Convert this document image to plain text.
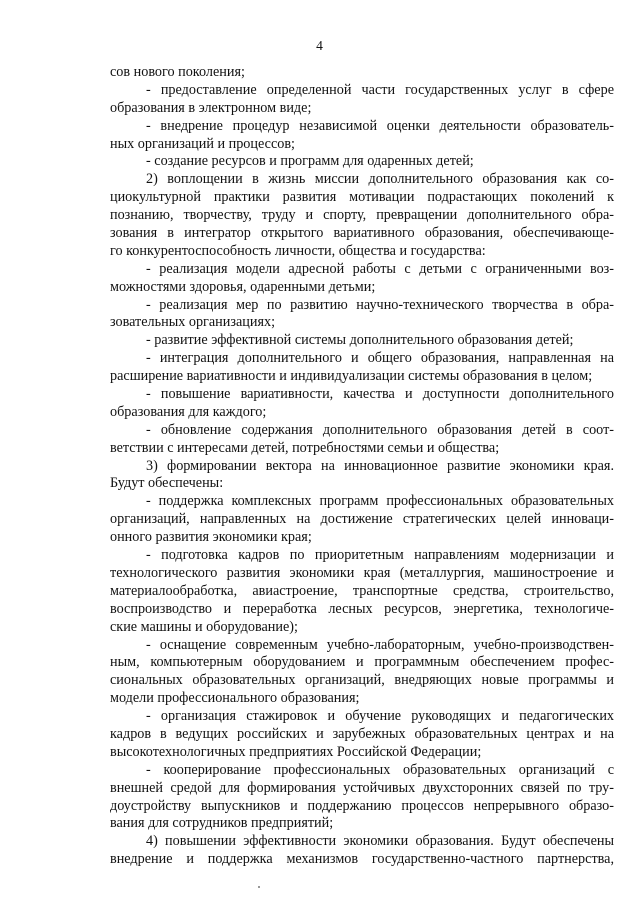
4
сов нового поколения;
- предоставление определенной части государственных услуг в сфере
образования в электронном виде;
- внедрение процедур независимой оценки деятельности образователь-
ных организаций и процессов;
- создание ресурсов и программ для одаренных детей;
2) воплощении в жизнь миссии дополнительного образования как со-
циокультурной практики развития мотивации подрастающих поколений к
познанию, творчеству, труду и спорту, превращении дополнительного обра-
зования в интегратор открытого вариативного образования, обеспечивающе-
го конкурентоспособность личности, общества и государства:
- реализация модели адресной работы с детьми с ограниченными воз-
можностями здоровья, одаренными детьми;
- реализация мер по развитию научно-технического творчества в обра-
зовательных организациях;
- развитие эффективной системы дополнительного образования детей;
- интеграция дополнительного и общего образования, направленная на
расширение вариативности и индивидуализации системы образования в целом;
- повышение вариативности, качества и доступности дополнительного
образования для каждого;
- обновление содержания дополнительного образования детей в соот-
ветствии с интересами детей, потребностями семьи и общества;
3) формировании вектора на инновационное развитие экономики края.
Будут обеспечены:
- поддержка комплексных программ профессиональных образовательных
организаций, направленных на достижение стратегических целей инноваци-
онного развития экономики края;
- подготовка кадров по приоритетным направлениям модернизации и
технологического развития экономики края (металлургия, машиностроение и
материалообработка, авиастроение, транспортные средства, строительство,
воспроизводство и переработка лесных ресурсов, энергетика, технологиче-
ские машины и оборудование);
- оснащение современным учебно-лабораторным, учебно-производствен-
ным, компьютерным оборудованием и программным обеспечением профес-
сиональных образовательных организаций, внедряющих новые программы и
модели профессионального образования;
- организация стажировок и обучение руководящих и педагогических
кадров в ведущих российских и зарубежных образовательных центрах и на
высокотехнологичных предприятиях Российской Федерации;
- кооперирование профессиональных образовательных организаций с
внешней средой для формирования устойчивых двухсторонних связей по тру-
доустройству выпускников и поддержанию процессов непрерывного образо-
вания для сотрудников предприятий;
4) повышении эффективности экономики образования. Будут обеспечены
внедрение и поддержка механизмов государственно-частного партнерства,
